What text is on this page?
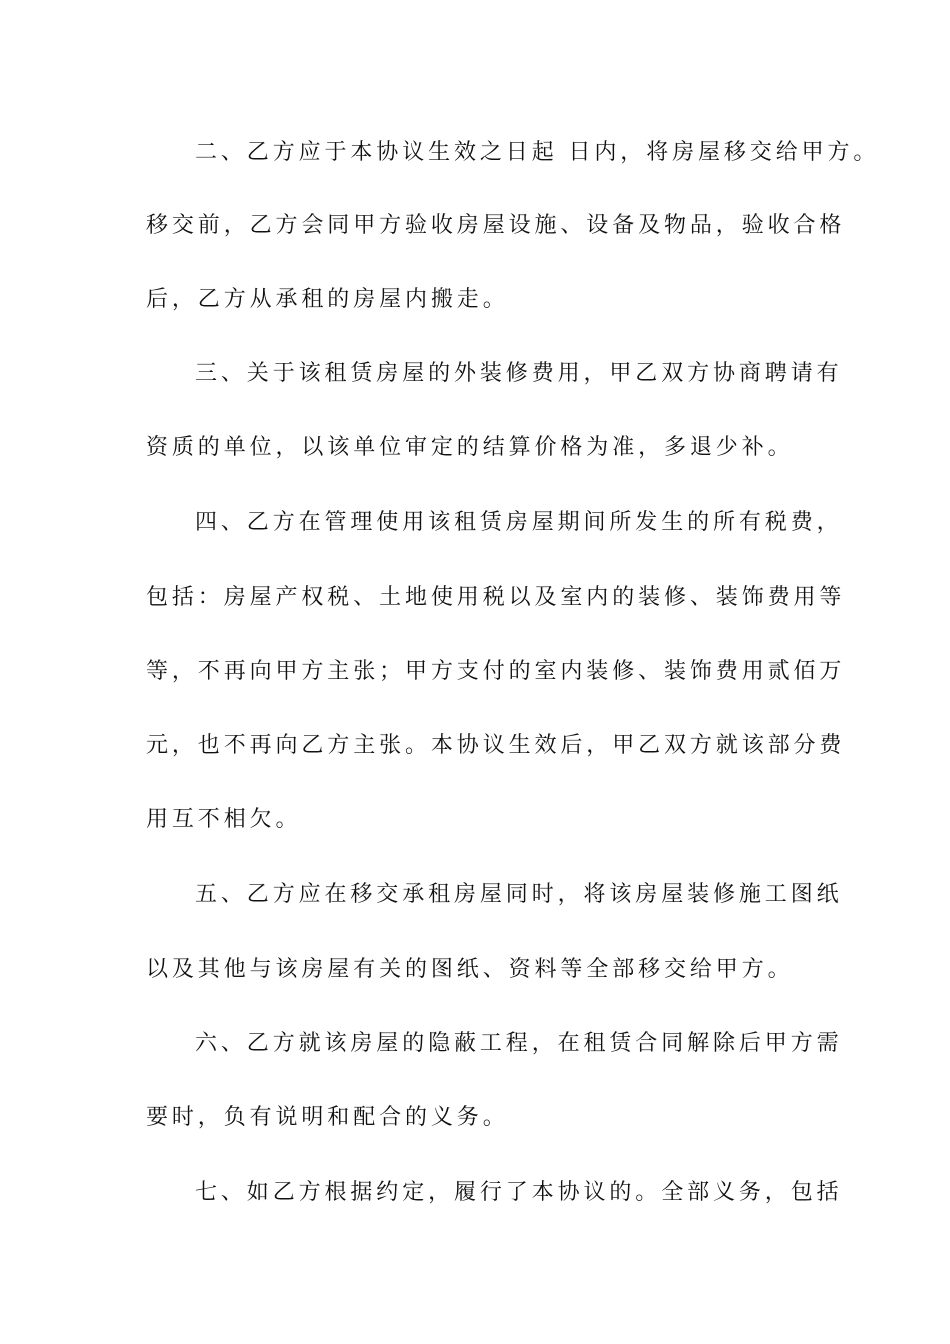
二、乙方应于本协议生效之日起 日内，将房屋移交给甲方。

移交前，乙方会同甲方验收房屋设施、设备及物品，验收合格

后，乙方从承租的房屋内搬走。

三、关于该租赁房屋的外装修费用，甲乙双方协商聘请有

资质的单位，以该单位审定的结算价格为准，多退少补。

四、乙方在管理使用该租赁房屋期间所发生的所有税费，

包括：房屋产权税、土地使用税以及室内的装修、装饰费用等

等，不再向甲方主张；甲方支付的室内装修、装饰费用贰佰万

元，也不再向乙方主张。本协议生效后，甲乙双方就该部分费

用互不相欠。

五、乙方应在移交承租房屋同时，将该房屋装修施工图纸

以及其他与该房屋有关的图纸、资料等全部移交给甲方。

六、乙方就该房屋的隐蔽工程，在租赁合同解除后甲方需

要时，负有说明和配合的义务。

七、如乙方根据约定，履行了本协议的。全部义务，包括
